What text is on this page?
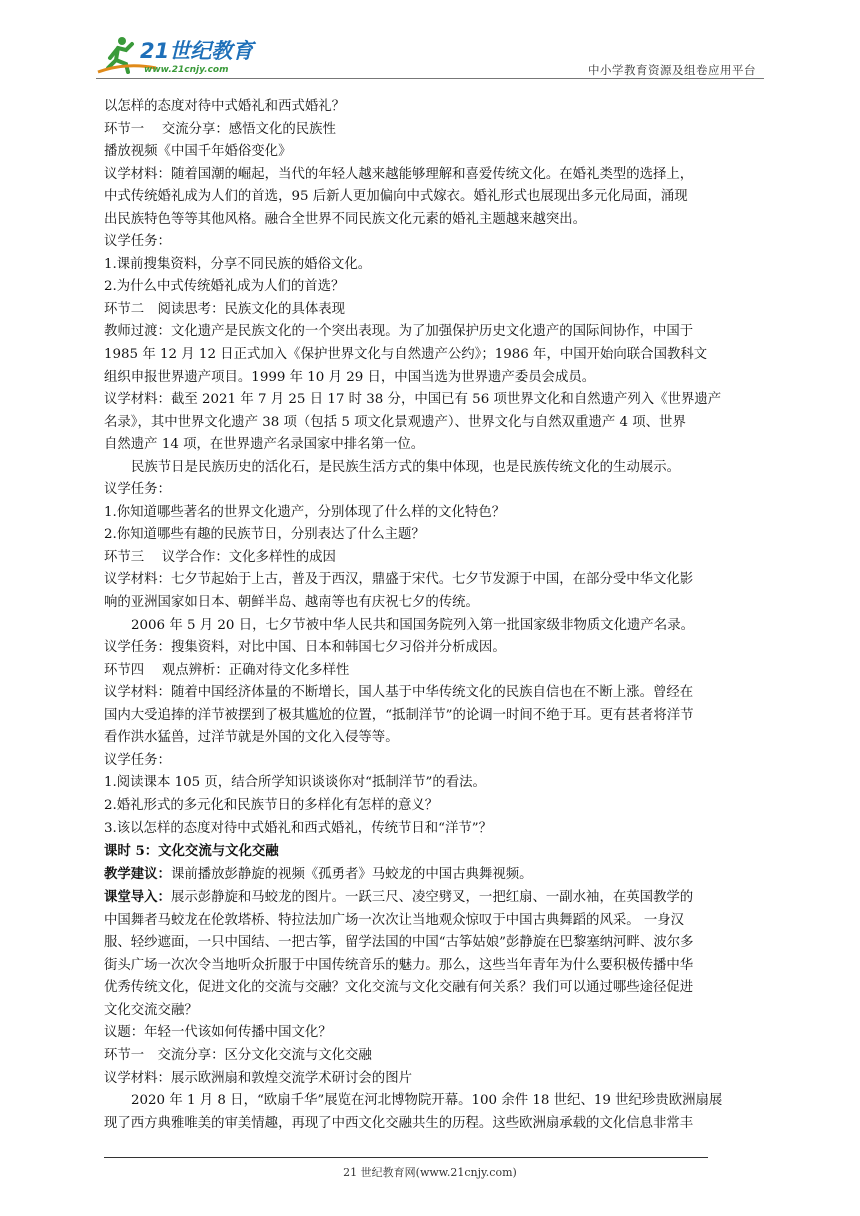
21世纪教育
www.21cnjy.com	中小学教育资源及组卷应用平台
以怎样的态度对待中式婚礼和西式婚礼？
环节一　 交流分享：感悟文化的民族性
播放视频《中国千年婚俗变化》
议学材料：随着国潮的崛起，当代的年轻人越来越能够理解和喜爱传统文化。在婚礼类型的选择上，
中式传统婚礼成为人们的首选，95 后新人更加偏向中式嫁衣。婚礼形式也展现出多元化局面，涌现
出民族特色等等其他风格。融合全世界不同民族文化元素的婚礼主题越来越突出。
议学任务：
1.课前搜集资料，分享不同民族的婚俗文化。
2.为什么中式传统婚礼成为人们的首选？
环节二　阅读思考：民族文化的具体表现
教师过渡：文化遗产是民族文化的一个突出表现。为了加强保护历史文化遗产的国际间协作，中国于
1985 年 12 月 12 日正式加入《保护世界文化与自然遗产公约》；1986 年，中国开始向联合国教科文
组织申报世界遗产项目。1999 年 10 月 29 日，中国当选为世界遗产委员会成员。
议学材料：截至 2021 年 7 月 25 日 17 时 38 分，中国已有 56 项世界文化和自然遗产列入《世界遗产
名录》，其中世界文化遗产 38 项（包括 5 项文化景观遗产）、世界文化与自然双重遗产 4 项、世界
自然遗产 14 项，在世界遗产名录国家中排名第一位。
民族节日是民族历史的活化石，是民族生活方式的集中体现，也是民族传统文化的生动展示。
议学任务：
1.你知道哪些著名的世界文化遗产，分别体现了什么样的文化特色？
2.你知道哪些有趣的民族节日，分别表达了什么主题？
环节三　 议学合作：文化多样性的成因
议学材料：七夕节起始于上古，普及于西汉，鼎盛于宋代。七夕节发源于中国，在部分受中华文化影
响的亚洲国家如日本、朝鲜半岛、越南等也有庆祝七夕的传统。
2006 年 5 月 20 日，七夕节被中华人民共和国国务院列入第一批国家级非物质文化遗产名录。
议学任务：搜集资料，对比中国、日本和韩国七夕习俗并分析成因。
环节四　 观点辨析：正确对待文化多样性
议学材料：随着中国经济体量的不断增长，国人基于中华传统文化的民族自信也在不断上涨。曾经在
国内大受追捧的洋节被摆到了极其尴尬的位置，“抵制洋节”的论调一时间不绝于耳。更有甚者将洋节
看作洪水猛兽，过洋节就是外国的文化入侵等等。
议学任务：
1.阅读课本 105 页，结合所学知识谈谈你对“抵制洋节”的看法。
2.婚礼形式的多元化和民族节日的多样化有怎样的意义？
3.该以怎样的态度对待中式婚礼和西式婚礼，传统节日和“洋节”？
课时 5：文化交流与文化交融
教学建议：课前播放彭静旋的视频《孤勇者》马蛟龙的中国古典舞视频。
课堂导入：展示彭静旋和马蛟龙的图片。一跃三尺、凌空劈叉，一把红扇、一副水袖，在英国教学的
中国舞者马蛟龙在伦敦塔桥、特拉法加广场一次次让当地观众惊叹于中国古典舞蹈的风采。 一身汉
服、轻纱遮面，一只中国结、一把古筝，留学法国的中国“古筝姑娘”彭静旋在巴黎塞纳河畔、波尔多
街头广场一次次令当地听众折服于中国传统音乐的魅力。那么，这些当年青年为什么要积极传播中华
优秀传统文化，促进文化的交流与交融？文化交流与文化交融有何关系？我们可以通过哪些途径促进
文化交流交融？
议题：年轻一代该如何传播中国文化？
环节一　交流分享：区分文化交流与文化交融
议学材料：展示欧洲扇和敦煌交流学术研讨会的图片
2020 年 1 月 8 日，“欧扇千华”展览在河北博物院开幕。100 余件 18 世纪、19 世纪珍贵欧洲扇展
现了西方典雅唯美的审美情趣，再现了中西文化交融共生的历程。这些欧洲扇承载的文化信息非常丰
21 世纪教育网(www.21cnjy.com)
